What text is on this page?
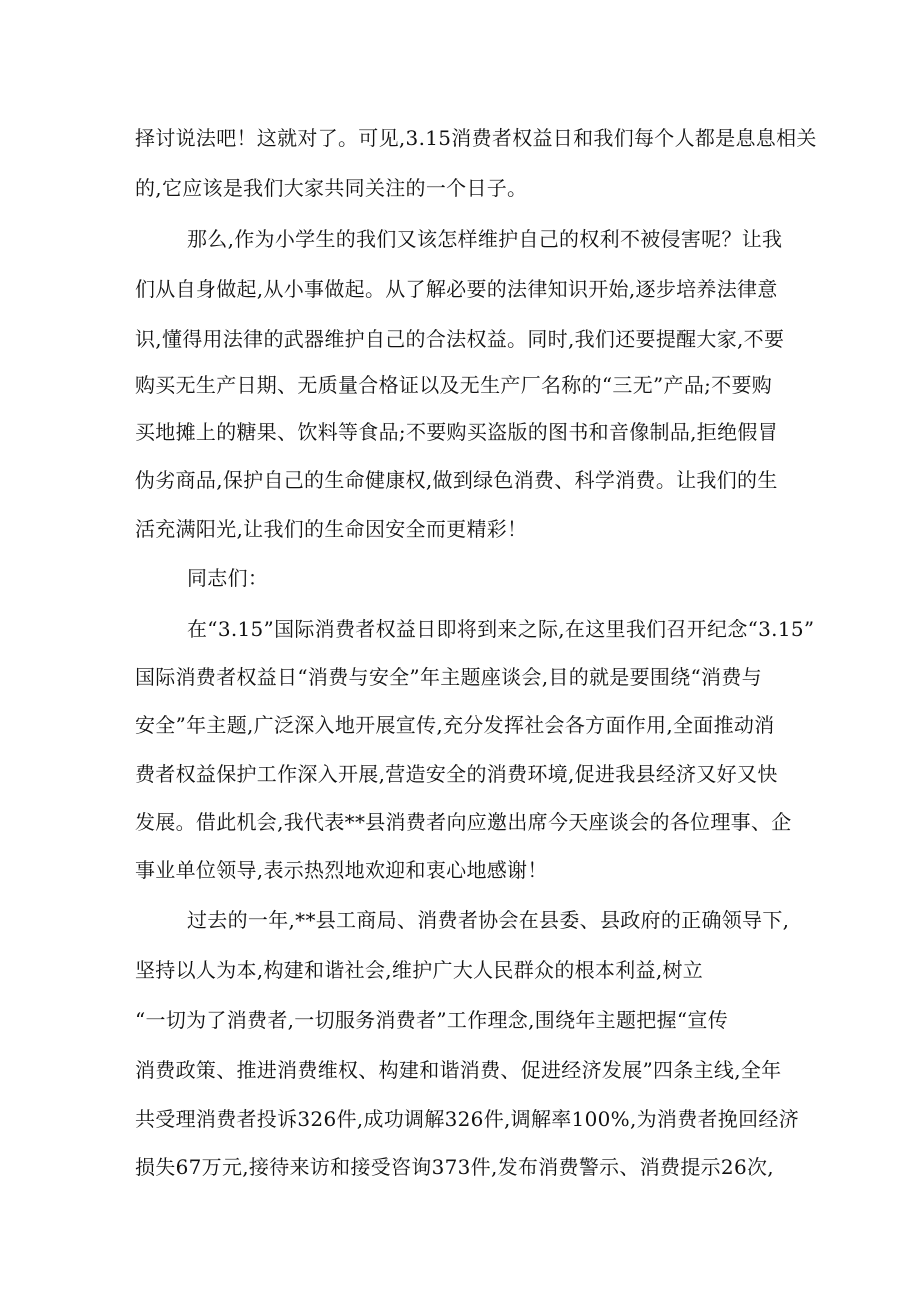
择讨说法吧！这就对了。可见,3.15消费者权益日和我们每个人都是息息相关
的,它应该是我们大家共同关注的一个日子。
那么,作为小学生的我们又该怎样维护自己的权利不被侵害呢？让我
们从自身做起,从小事做起。从了解必要的法律知识开始,逐步培养法律意
识,懂得用法律的武器维护自己的合法权益。同时,我们还要提醒大家,不要
购买无生产日期、无质量合格证以及无生产厂名称的“三无”产品;不要购
买地摊上的糖果、饮料等食品;不要购买盗版的图书和音像制品,拒绝假冒
伪劣商品,保护自己的生命健康权,做到绿色消费、科学消费。让我们的生
活充满阳光,让我们的生命因安全而更精彩！
同志们：
在“3.15”国际消费者权益日即将到来之际,在这里我们召开纪念“3.15”
国际消费者权益日“消费与安全”年主题座谈会,目的就是要围绕“消费与
安全”年主题,广泛深入地开展宣传,充分发挥社会各方面作用,全面推动消
费者权益保护工作深入开展,营造安全的消费环境,促进我县经济又好又快
发展。借此机会,我代表**县消费者向应邀出席今天座谈会的各位理事、企
事业单位领导,表示热烈地欢迎和衷心地感谢！
过去的一年,**县工商局、消费者协会在县委、县政府的正确领导下,
坚持以人为本,构建和谐社会,维护广大人民群众的根本利益,树立
“一切为了消费者,一切服务消费者”工作理念,围绕年主题把握“宣传
消费政策、推进消费维权、构建和谐消费、促进经济发展”四条主线,全年
共受理消费者投诉326件,成功调解326件,调解率100%,为消费者挽回经济
损失67万元,接待来访和接受咨询373件,发布消费警示、消费提示26次,
